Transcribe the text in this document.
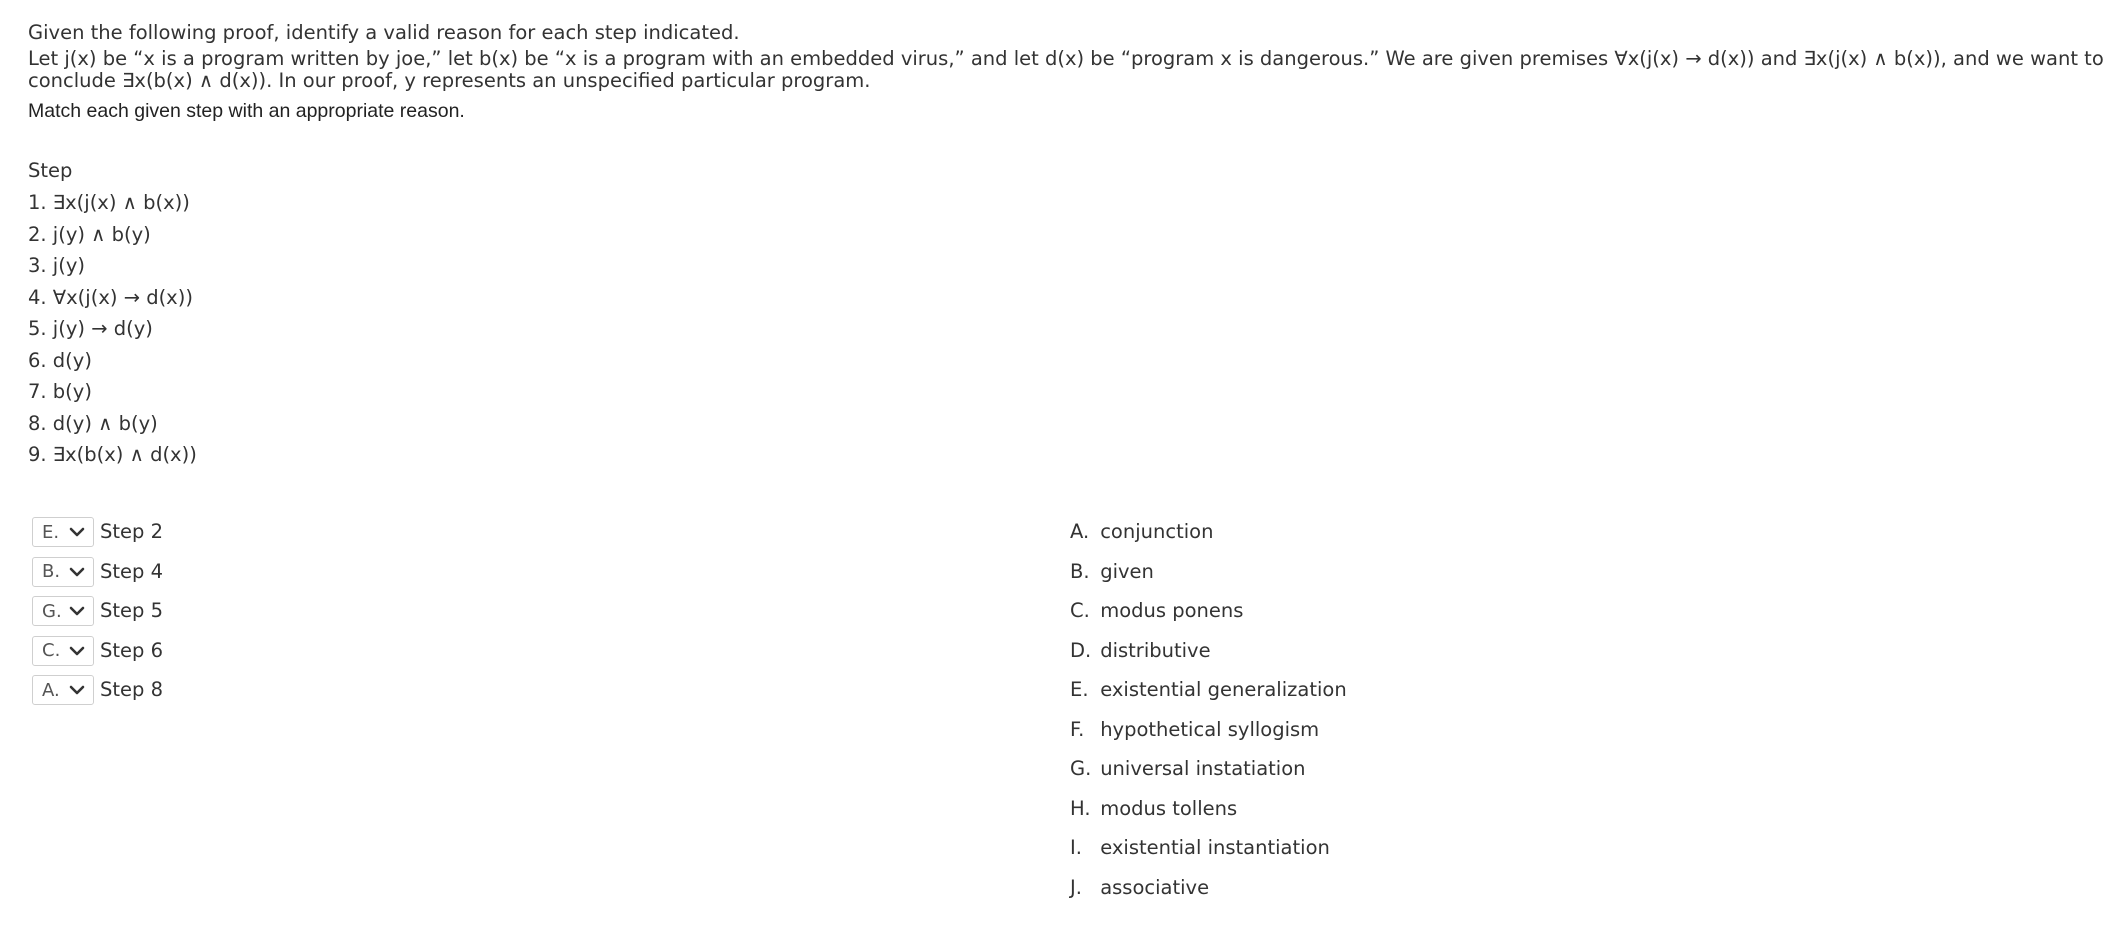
Given the following proof, identify a valid reason for each step indicated.

Let j(x) be “x is a program written by joe,” let b(x) be “x is a program with an embedded virus,” and let d(x) be “program x is dangerous.” We are given premises ∀x(j(x) → d(x)) and ∃x(j(x) ∧ b(x)), and we want to conclude ∃x(b(x) ∧ d(x)). In our proof, y represents an unspecified particular program.

Match each given step with an appropriate reason.

Step
1. ∃x(j(x) ∧ b(x))
2. j(y) ∧ b(y)
3. j(y)
4. ∀x(j(x) → d(x))
5. j(y) → d(y)
6. d(y)
7. b(y)
8. d(y) ∧ b(y)
9. ∃x(b(x) ∧ d(x))
E. Step 2
B. Step 4
G. Step 5
C. Step 6
A. Step 8
A.
conjunction
B.
given
C.
modus ponens
D.
distributive
E.
existential generalization
F.
hypothetical syllogism
G.
universal instatiation
H.
modus tollens
I.
existential instantiation
J.
associative
